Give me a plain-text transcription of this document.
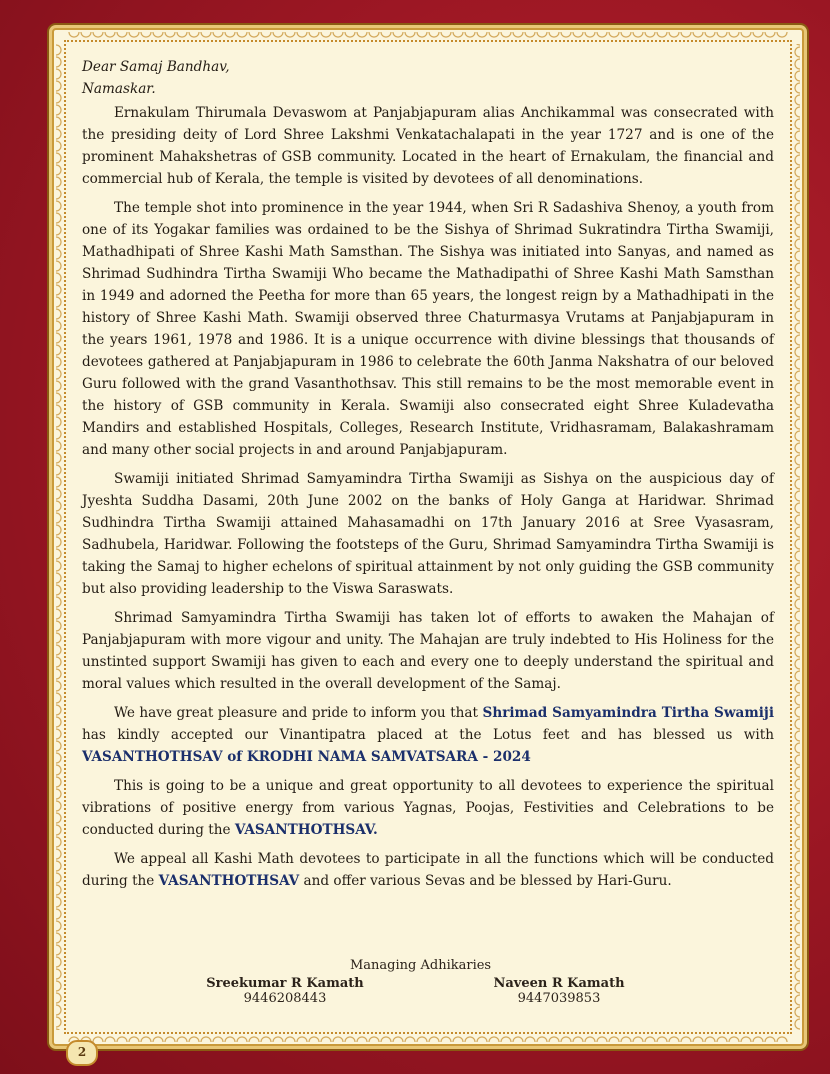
Dear Samaj Bandhav,

Namaskar.

Ernakulam Thirumala Devaswom at Panjabjapuram alias Anchikammal was consecrated with the presiding deity of Lord Shree Lakshmi Venkatachalapati in the year 1727 and is one of the prominent Mahakshetras of GSB community. Located in the heart of Ernakulam, the financial and commercial hub of Kerala, the temple is visited by devotees of all denominations.

The temple shot into prominence in the year 1944, when Sri R Sadashiva Shenoy, a youth from one of its Yogakar families was ordained to be the Sishya of Shrimad Sukratindra Tirtha Swamiji, Mathadhipati of Shree Kashi Math Samsthan. The Sishya was initiated into Sanyas, and named as Shrimad Sudhindra Tirtha Swamiji Who became the Mathadipathi of Shree Kashi Math Samsthan in 1949 and adorned the Peetha for more than 65 years, the longest reign by a Mathadhipati in the history of Shree Kashi Math. Swamiji observed three Chaturmasya Vrutams at Panjabjapuram in the years 1961, 1978 and 1986. It is a unique occurrence with divine blessings that thousands of devotees gathered at Panjabjapuram in 1986 to celebrate the 60th Janma Nakshatra of our beloved Guru followed with the grand Vasanthothsav. This still remains to be the most memorable event in the history of GSB community in Kerala. Swamiji also consecrated eight Shree Kuladevatha Mandirs and established Hospitals, Colleges, Research Institute, Vridhasramam, Balakashramam and many other social projects in and around Panjabjapuram.

Swamiji initiated Shrimad Samyamindra Tirtha Swamiji as Sishya on the auspicious day of Jyeshta Suddha Dasami, 20th June 2002 on the banks of Holy Ganga at Haridwar. Shrimad Sudhindra Tirtha Swamiji attained Mahasamadhi on 17th January 2016 at Sree Vyasasram, Sadhubela, Haridwar. Following the footsteps of the Guru, Shrimad Samyamindra Tirtha Swamiji is taking the Samaj to higher echelons of spiritual attainment by not only guiding the GSB community but also providing leadership to the Viswa Saraswats.

Shrimad Samyamindra Tirtha Swamiji has taken lot of efforts to awaken the Mahajan of Panjabjapuram with more vigour and unity. The Mahajan are truly indebted to His Holiness for the unstinted support Swamiji has given to each and every one to deeply understand the spiritual and moral values which resulted in the overall development of the Samaj.

We have great pleasure and pride to inform you that Shrimad Samyamindra Tirtha Swamiji has kindly accepted our Vinantipatra placed at the Lotus feet and has blessed us with VASANTHOTHSAV of KRODHI NAMA SAMVATSARA - 2024

This is going to be a unique and great opportunity to all devotees to experience the spiritual vibrations of positive energy from various Yagnas, Poojas, Festivities and Celebrations to be conducted during the VASANTHOTHSAV.

We appeal all Kashi Math devotees to participate in all the functions which will be conducted during the VASANTHOTHSAV and offer various Sevas and be blessed by Hari-Guru.

Managing Adhikaries
Sreekumar R Kamath
9446208443
Naveen R Kamath
9447039853
2
